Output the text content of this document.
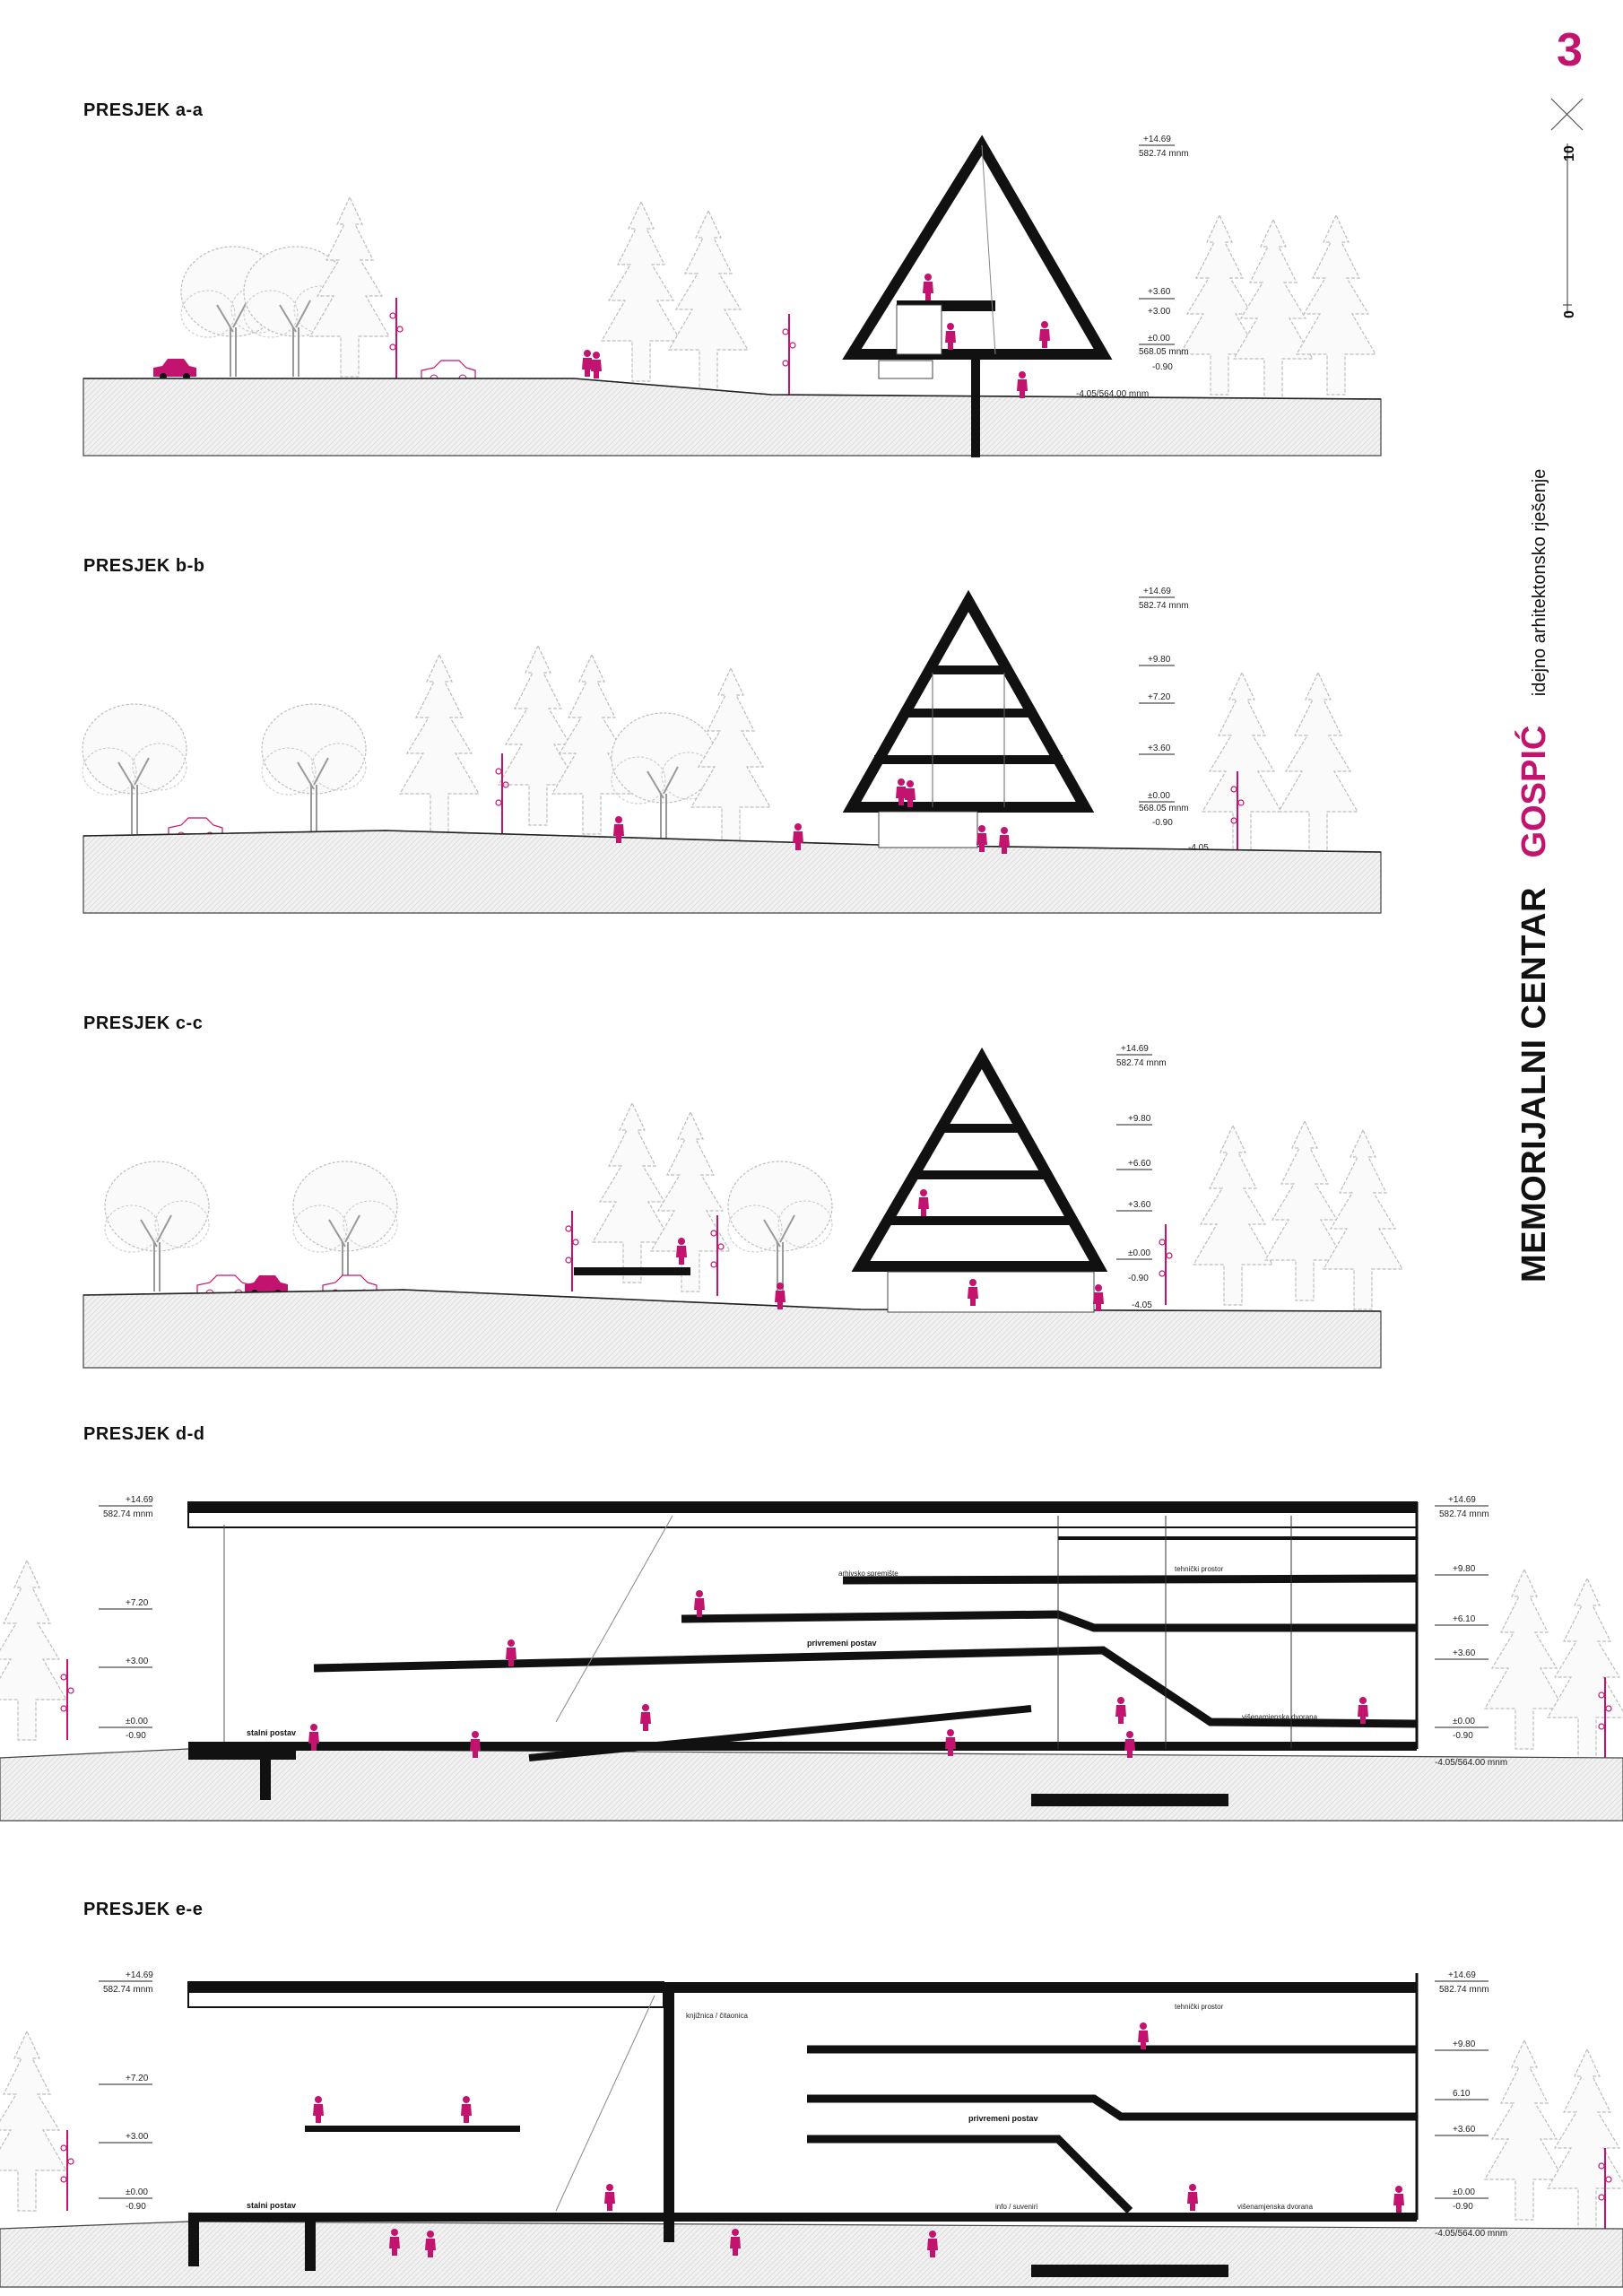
3
10
0
MEMORIJALNI CENTAR GOSPIĆ idejno arhitektonsko rješenje
PRESJEK a-a
+14.69
582.74 mnm
+3.60
+3.00
±0.00
568.05 mnm
-0.90
-4.05/564.00 mnm
PRESJEK b-b
+14.69
582.74 mnm
+9.80
+7.20
+3.60
±0.00
568.05 mnm
-0.90
-4.05
PRESJEK c-c
+14.69
582.74 mnm
+9.80
+6.60
+3.60
±0.00
-0.90
-4.05
PRESJEK d-d
stalni postav
privremeni postav
arhivsko spremište
tehnički prostor
višenamjenska dvorana
+14.69
582.74 mnm
+7.20
+3.00
±0.00
-0.90
+14.69
582.74 mnm
+9.80
+6.10
+3.60
±0.00
-0.90
-4.05/564.00 mnm
PRESJEK e-e
stalni postav
knjižnica / čitaonica
privremeni postav
tehnički prostor
višenamjenska dvorana
info / suveniri
+14.69
582.74 mnm
+7.20
+3.00
±0.00
-0.90
+14.69
582.74 mnm
+9.80
6.10
+3.60
±0.00
-0.90
-4.05/564.00 mnm
